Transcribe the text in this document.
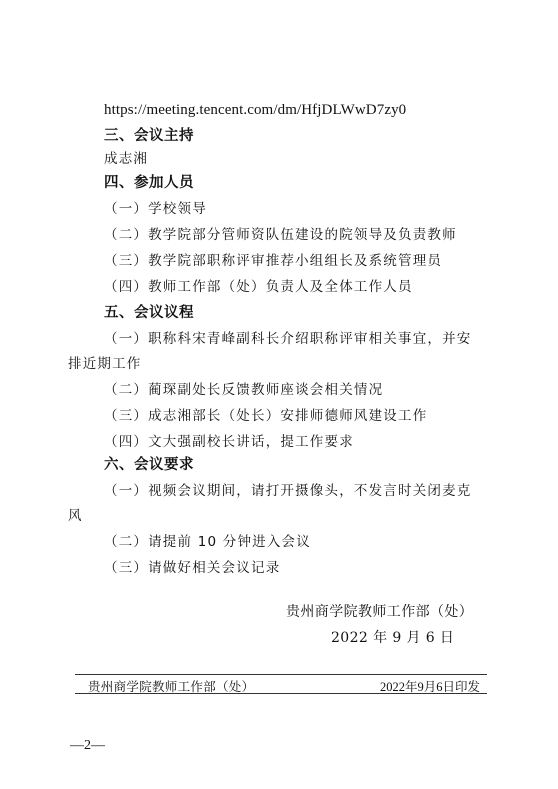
https://meeting.tencent.com/dm/HfjDLWwD7zy0
三、会议主持
成志湘
四、参加人员
（一）学校领导
（二）教学院部分管师资队伍建设的院领导及负责教师
（三）教学院部职称评审推荐小组组长及系统管理员
（四）教师工作部（处）负责人及全体工作人员
五、会议议程
（一）职称科宋青峰副科长介绍职称评审相关事宜，并安
排近期工作
（二）蔺琛副处长反馈教师座谈会相关情况
（三）成志湘部长（处长）安排师德师风建设工作
（四）文大强副校长讲话，提工作要求
六、会议要求
（一）视频会议期间，请打开摄像头，不发言时关闭麦克
风
（二）请提前 10 分钟进入会议
（三）请做好相关会议记录
贵州商学院教师工作部（处）
2022 年 9 月 6 日
贵州商学院教师工作部（处）	2022年9月6日印发
—2—
